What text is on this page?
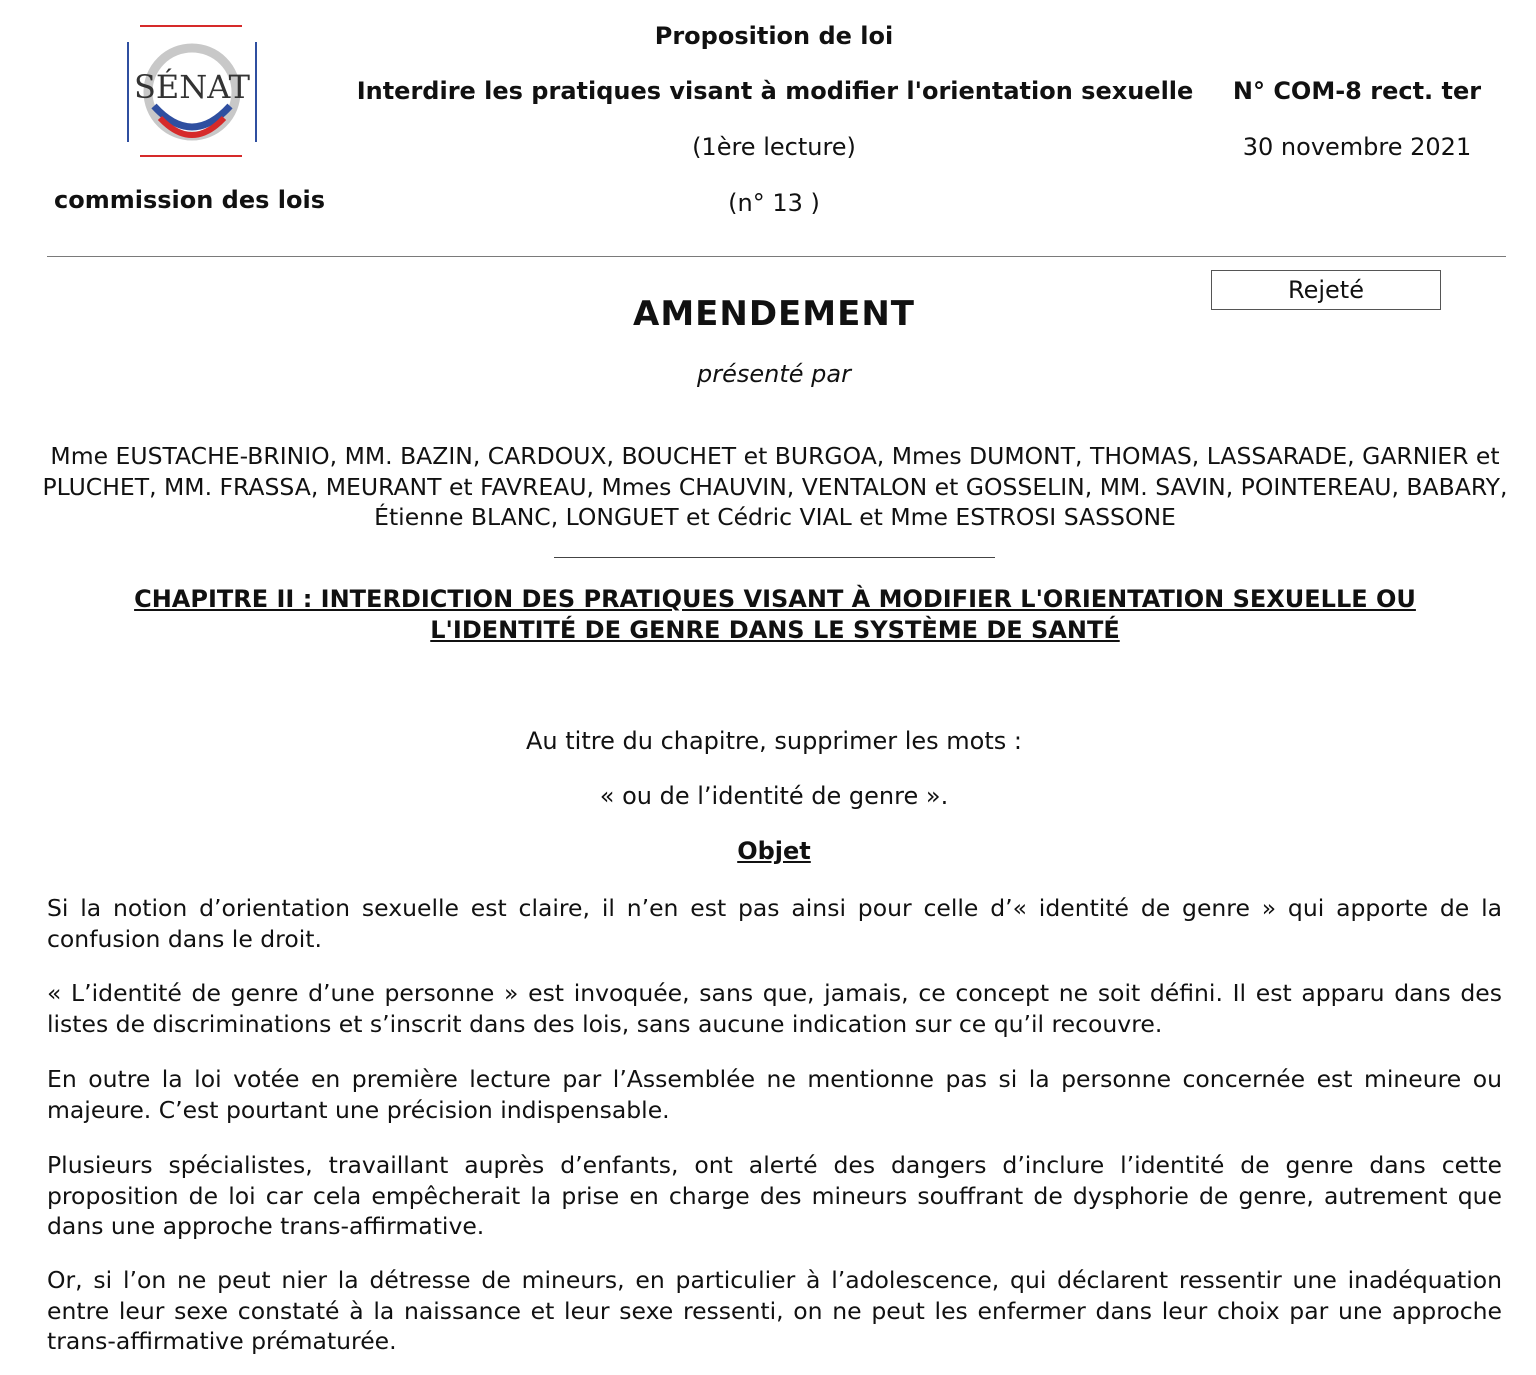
SÉNAT
commission des lois
Proposition de loi
Interdire les pratiques visant à modifier l'orientation sexuelle
(1ère lecture)
(n° 13 )
N° COM-8 rect. ter
30 novembre 2021
Rejeté
AMENDEMENT
présenté par
Mme EUSTACHE-BRINIO, MM. BAZIN, CARDOUX, BOUCHET et BURGOA, Mmes DUMONT, THOMAS, LASSARADE, GARNIER et PLUCHET, MM. FRASSA, MEURANT et FAVREAU, Mmes CHAUVIN, VENTALON et GOSSELIN, MM. SAVIN, POINTEREAU, BABARY, Étienne BLANC, LONGUET et Cédric VIAL et Mme ESTROSI SASSONE
CHAPITRE II : INTERDICTION DES PRATIQUES VISANT À MODIFIER L'ORIENTATION SEXUELLE OU L'IDENTITÉ DE GENRE DANS LE SYSTÈME DE SANTÉ
Au titre du chapitre, supprimer les mots :
« ou de l’identité de genre ».
Objet
Si la notion d’orientation sexuelle est claire, il n’en est pas ainsi pour celle d’« identité de genre » qui apporte de la confusion dans le droit.
« L’identité de genre d’une personne » est invoquée, sans que, jamais, ce concept ne soit défini. Il est apparu dans des listes de discriminations et s’inscrit dans des lois, sans aucune indication sur ce qu’il recouvre.
En outre la loi votée en première lecture par l’Assemblée ne mentionne pas si la personne concernée est mineure ou majeure. C’est pourtant une précision indispensable.
Plusieurs spécialistes, travaillant auprès d’enfants, ont alerté des dangers d’inclure l’identité de genre dans cette proposition de loi car cela empêcherait la prise en charge des mineurs souffrant de dysphorie de genre, autrement que dans une approche trans-affirmative.
Or, si l’on ne peut nier la détresse de mineurs, en particulier à l’adolescence, qui déclarent ressentir une inadéquation entre leur sexe constaté à la naissance et leur sexe ressenti, on ne peut les enfermer dans leur choix par une approche trans-affirmative prématurée.
